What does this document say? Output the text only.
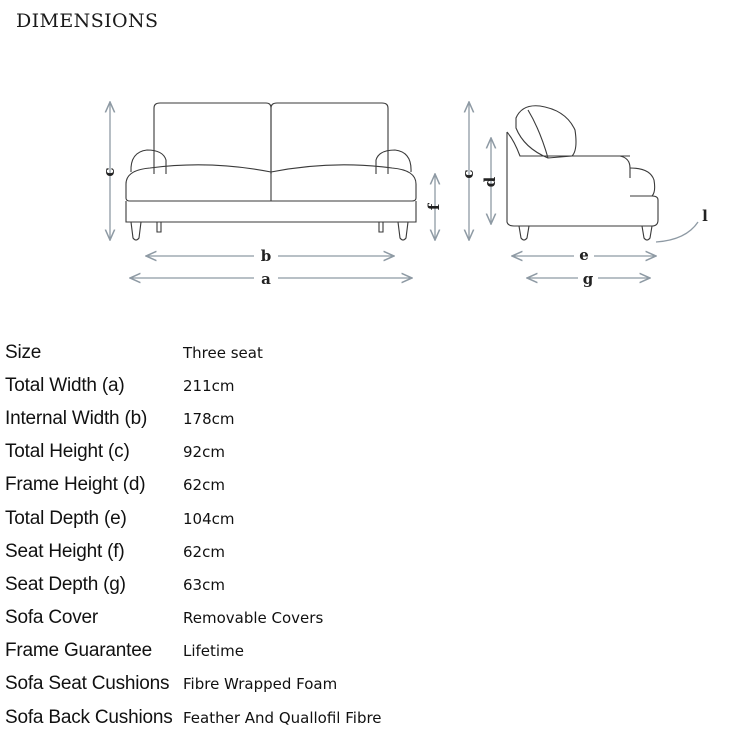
DIMENSIONS
c
f
b
a
c
d
e
g
l
Size	Three seat
Total Width (a)	211cm
Internal Width (b)	178cm
Total Height (c)	92cm
Frame Height (d)	62cm
Total Depth (e)	104cm
Seat Height (f)	62cm
Seat Depth (g)	63cm
Sofa Cover	Removable Covers
Frame Guarantee	Lifetime
Sofa Seat Cushions	Fibre Wrapped Foam
Sofa Back Cushions	Feather And Quallofil Fibre
